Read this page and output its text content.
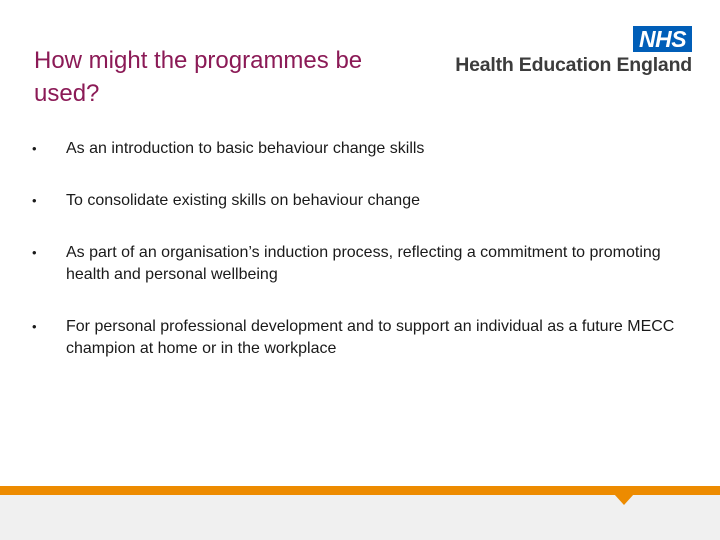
How might the programmes be used?
NHS
Health Education England
• As an introduction to basic behaviour change skills
• To consolidate existing skills on behaviour change
• As part of an organisation’s induction process, reflecting a commitment to promoting health and personal wellbeing
• For personal professional development and to support an individual as a future MECC champion at home or in the workplace
